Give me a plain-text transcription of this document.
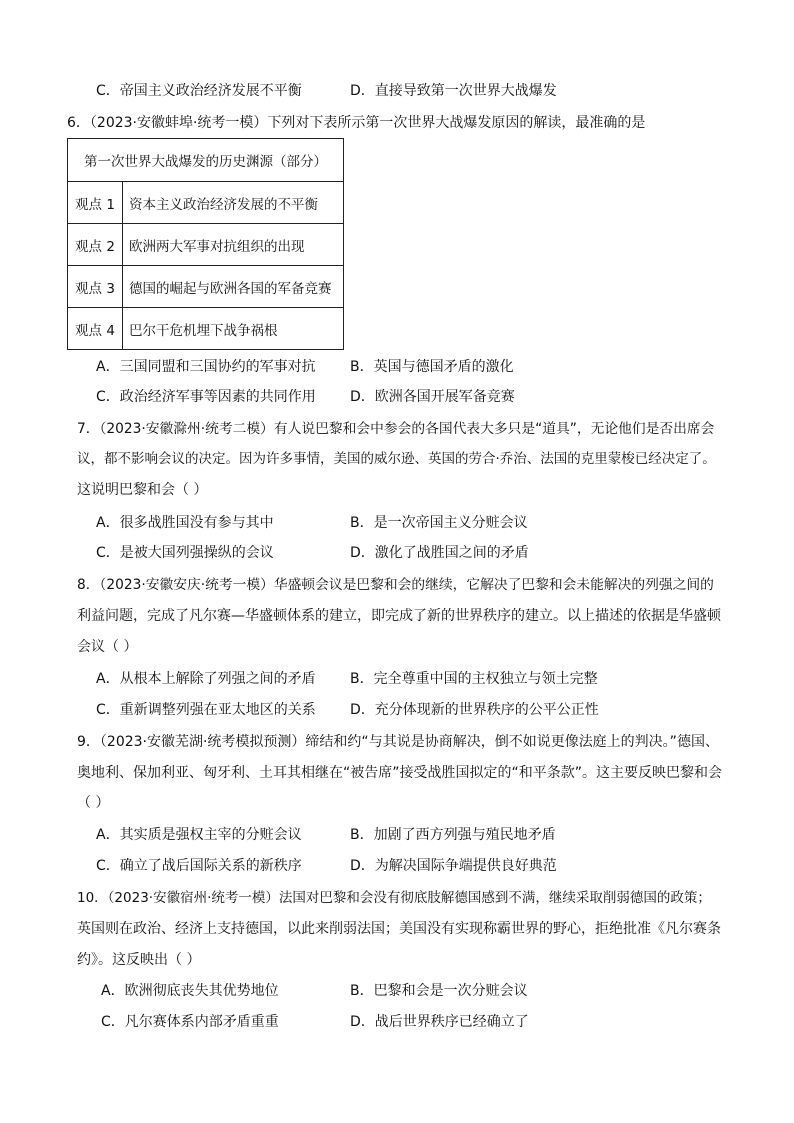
C．帝国主义政治经济发展不平衡	D．直接导致第一次世界大战爆发
6．（2023·安徽蚌埠·统考一模）下列对下表所示第一次世界大战爆发原因的解读，最准确的是
第一次世界大战爆发的历史渊源（部分）	
观点 1	资本主义政治经济发展的不平衡
观点 2	欧洲两大军事对抗组织的出现
观点 3	德国的崛起与欧洲各国的军备竞赛
观点 4	巴尔干危机埋下战争祸根
A．三国同盟和三国协约的军事对抗 B．英国与德国矛盾的激化
C．政治经济军事等因素的共同作用 D．欧洲各国开展军备竞赛
7．（2023·安徽滁州·统考二模）有人说巴黎和会中参会的各国代表大多只是“道具”，无论他们是否出席会
议，都不影响会议的决定。因为许多事情，美国的威尔逊、英国的劳合·乔治、法国的克里蒙梭已经决定了。
这说明巴黎和会（ ）
A．很多战胜国没有参与其中	B．是一次帝国主义分赃会议
C．是被大国列强操纵的会议	D．激化了战胜国之间的矛盾
8．（2023·安徽安庆·统考一模）华盛顿会议是巴黎和会的继续，它解决了巴黎和会未能解决的列强之间的
利益问题，完成了凡尔赛—华盛顿体系的建立，即完成了新的世界秩序的建立。以上描述的依据是华盛顿
会议（ ）
A．从根本上解除了列强之间的矛盾 B．完全尊重中国的主权独立与领土完整
C．重新调整列强在亚太地区的关系 D．充分体现新的世界秩序的公平公正性
9．（2023·安徽芜湖·统考模拟预测）缔结和约“与其说是协商解决，倒不如说更像法庭上的判决。”德国、
奥地利、保加利亚、匈牙利、土耳其相继在“被告席”接受战胜国拟定的“和平条款”。这主要反映巴黎和会
（ ）
A．其实质是强权主宰的分赃会议	B．加剧了西方列强与殖民地矛盾
C．确立了战后国际关系的新秩序	D．为解决国际争端提供良好典范
10．（2023·安徽宿州·统考一模）法国对巴黎和会没有彻底肢解德国感到不满，继续采取削弱德国的政策；
英国则在政治、经济上支持德国，以此来削弱法国；美国没有实现称霸世界的野心，拒绝批准《凡尔赛条
约》。这反映出（ ）
A．欧洲彻底丧失其优势地位	B．巴黎和会是一次分赃会议
C．凡尔赛体系内部矛盾重重	D．战后世界秩序已经确立了
